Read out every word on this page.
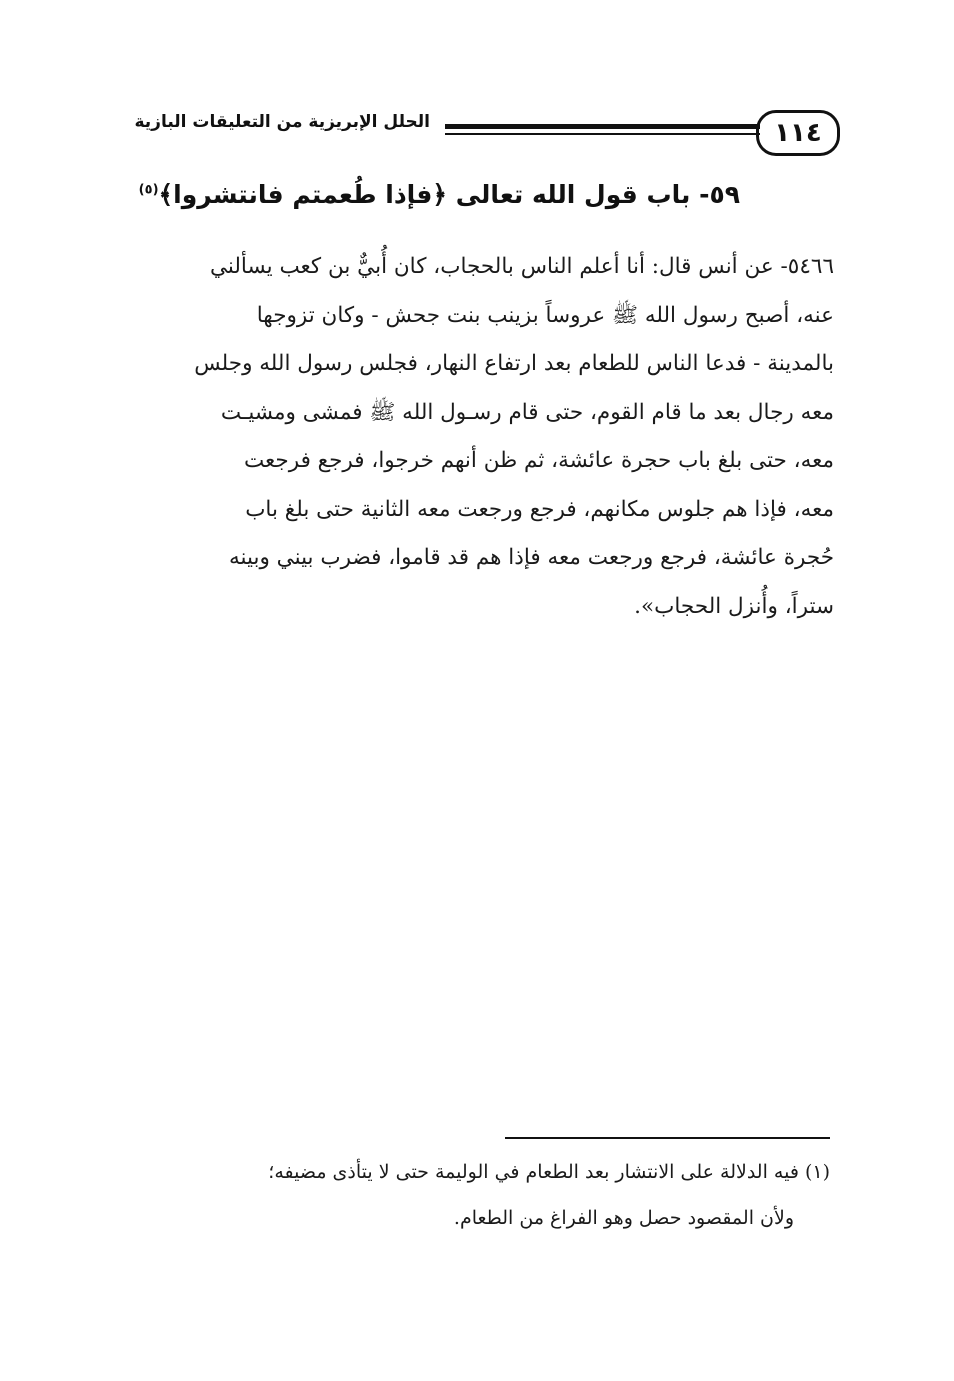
١١٤
الحلل الإبريزية من التعليقات البازية
٥٩- باب قول الله تعالى ﴿فإذا طُعمتم فانتشروا﴾$^{(٥)}$

٥٤٦٦- عن أنس قال: أنا أعلم الناس بالحجاب، كان أُبيٌّ بن كعب يسألني

عنه، أصبح رسول الله ﷺ عروساً بزينب بنت جحش - وكان تزوجها

بالمدينة - فدعا الناس للطعام بعد ارتفاع النهار، فجلس رسول الله وجلس

معه رجال بعد ما قام القوم، حتى قام رسـول الله ﷺ فمشى ومشيـت

معه، حتى بلغ باب حجرة عائشة، ثم ظن أنهم خرجوا، فرجع فرجعت

معه، فإذا هم جلوس مكانهم، فرجع ورجعت معه الثانية حتى بلغ باب

حُجرة عائشة، فرجع ورجعت معه فإذا هم قد قاموا، فضرب بيني وبينه

ستراً، وأُنزل الحجاب».

(١) فيه الدلالة على الانتشار بعد الطعام في الوليمة حتى لا يتأذى مضيفه؛

ولأن المقصود حصل وهو الفراغ من الطعام.
